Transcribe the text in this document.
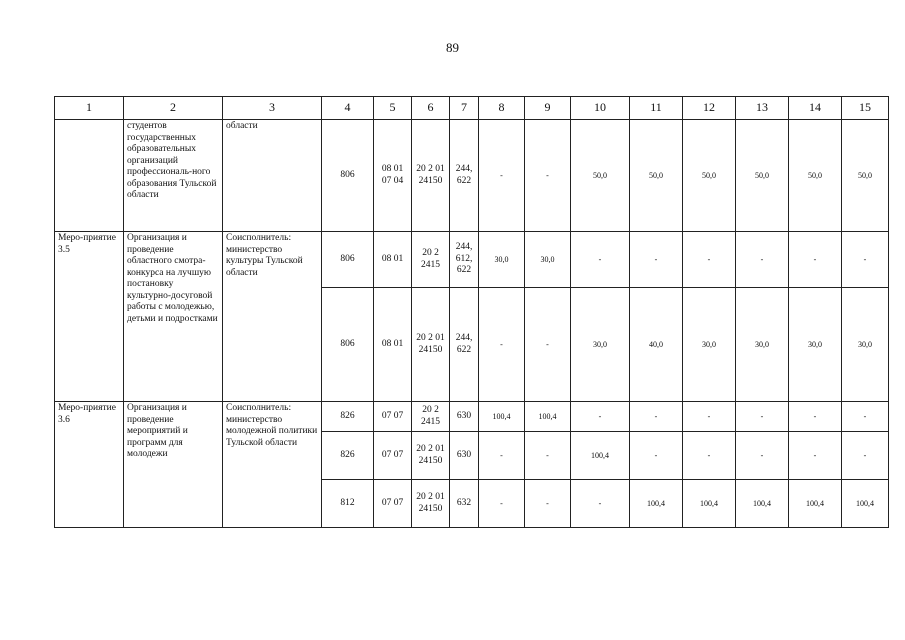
89
1	2	3	4	5	6	7	8	9	10	11	12	13	14	15
	студентов государственных образовательных организаций профессиональ-ного образования Тульской области	области	806	08 01 07 04	20 2 01 24150	244, 622	-	-	50,0	50,0	50,0	50,0	50,0	50,0
Меро-приятие 3.5	Организация и проведение областного смотра-конкурса на лучшую постановку культурно-досуговой работы с молодежью, детьми и подростками	Соисполнитель: министерство культуры Тульской области	806	08 01	20 2 2415	244, 612, 622	30,0	30,0	-	-	-	-	-	-
			806	08 01	20 2 01 24150	244, 622	-	-	30,0	40,0	30,0	30,0	30,0	30,0
Меро-приятие 3.6	Организация и проведение мероприятий и программ для молодежи	Соисполнитель: министерство молодежной политики Тульской области	826	07 07	20 2 2415	630	100,4	100,4	-	-	-	-	-	-
			826	07 07	20 2 01 24150	630	-	-	100,4	-	-	-	-	-
			812	07 07	20 2 01 24150	632	-	-	-	100,4	100,4	100,4	100,4	100,4
